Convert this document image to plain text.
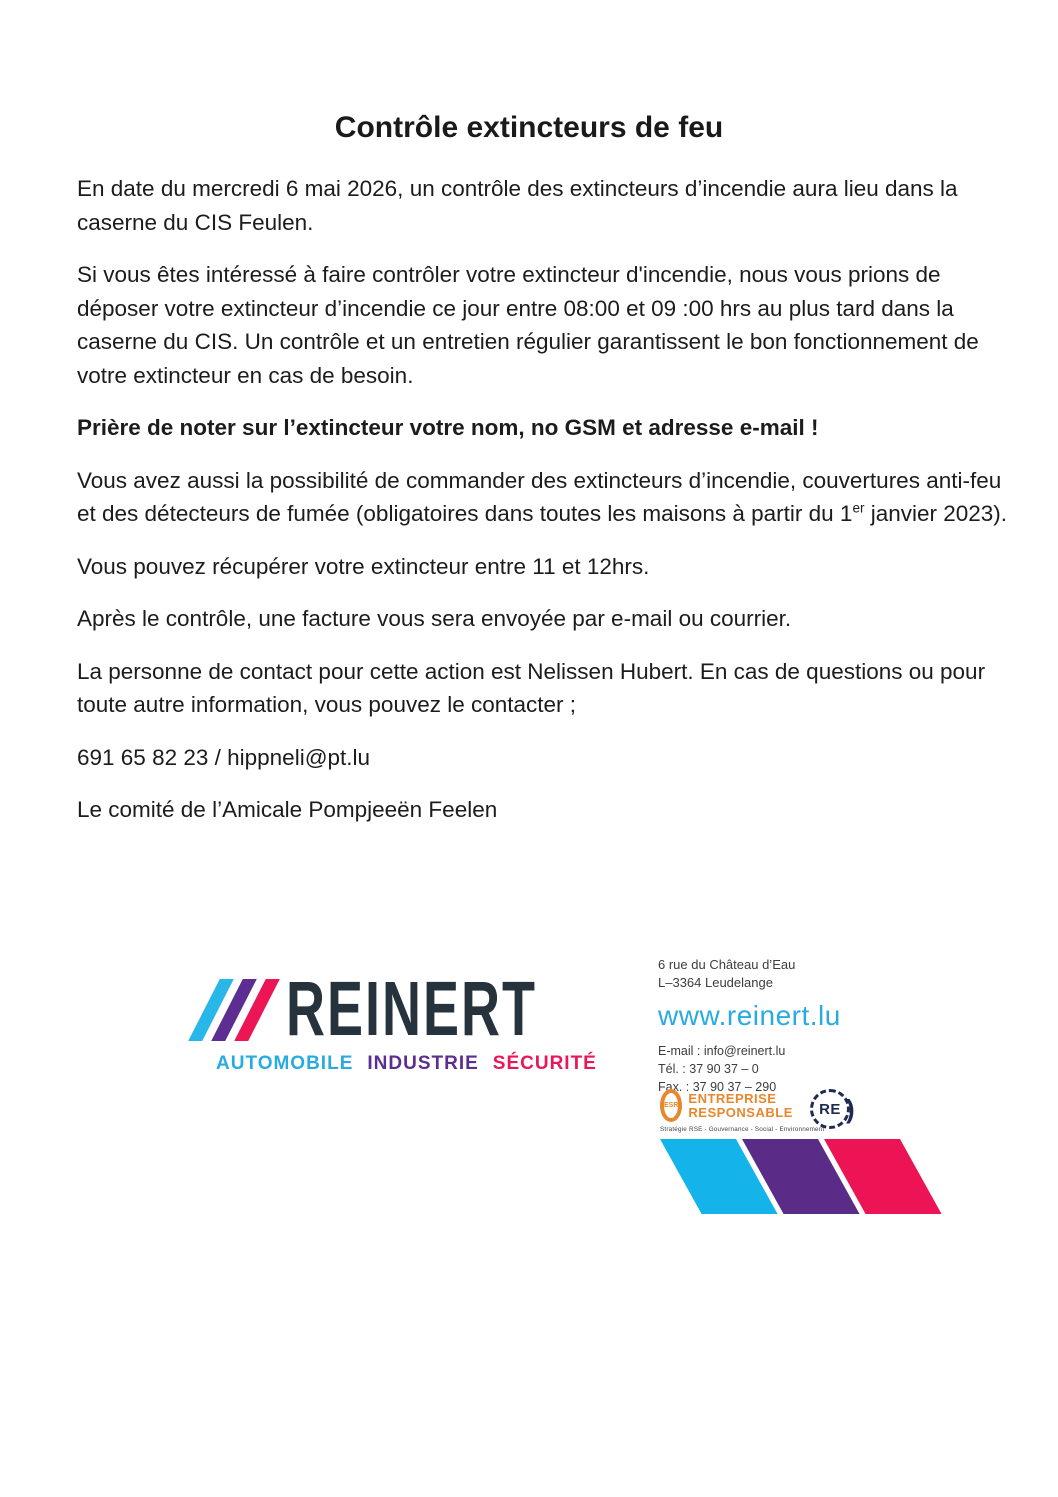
Contrôle extincteurs de feu

En date du mercredi 6 mai 2026, un contrôle des extincteurs d’incendie aura lieu dans la caserne du CIS Feulen.

Si vous êtes intéressé à faire contrôler votre extincteur d'incendie, nous vous prions de déposer votre extincteur d’incendie ce jour entre 08:00 et 09 :00 hrs au plus tard dans la caserne du CIS. Un contrôle et un entretien régulier garantissent le bon fonctionnement de votre extincteur en cas de besoin.

Prière de noter sur l’extincteur votre nom, no GSM et adresse e-mail !

Vous avez aussi la possibilité de commander des extincteurs d’incendie, couvertures anti-feu et des détecteurs de fumée (obligatoires dans toutes les maisons à partir du 1er janvier 2023).

Vous pouvez récupérer votre extincteur entre 11 et 12hrs.

Après le contrôle, une facture vous sera envoyée par e-mail ou courrier.

La personne de contact pour cette action est Nelissen Hubert. En cas de questions ou pour toute autre information, vous pouvez le contacter ;

691 65 82 23 / hippneli@pt.lu

Le comité de l’Amicale Pompjeeën Feelen

REINERT
AUTOMOBILE INDUSTRIE SÉCURITÉ
6 rue du Château d’Eau
L–3364 Leudelange
www.reinert.lu
E-mail : info@reinert.lu
Tél. : 37 90 37 – 0
Fax. : 37 90 37 – 290
ESR ENTREPRISE
RESPONSABLE
Stratégie RSE - Gouvernance - Social - Environnement
RE )
